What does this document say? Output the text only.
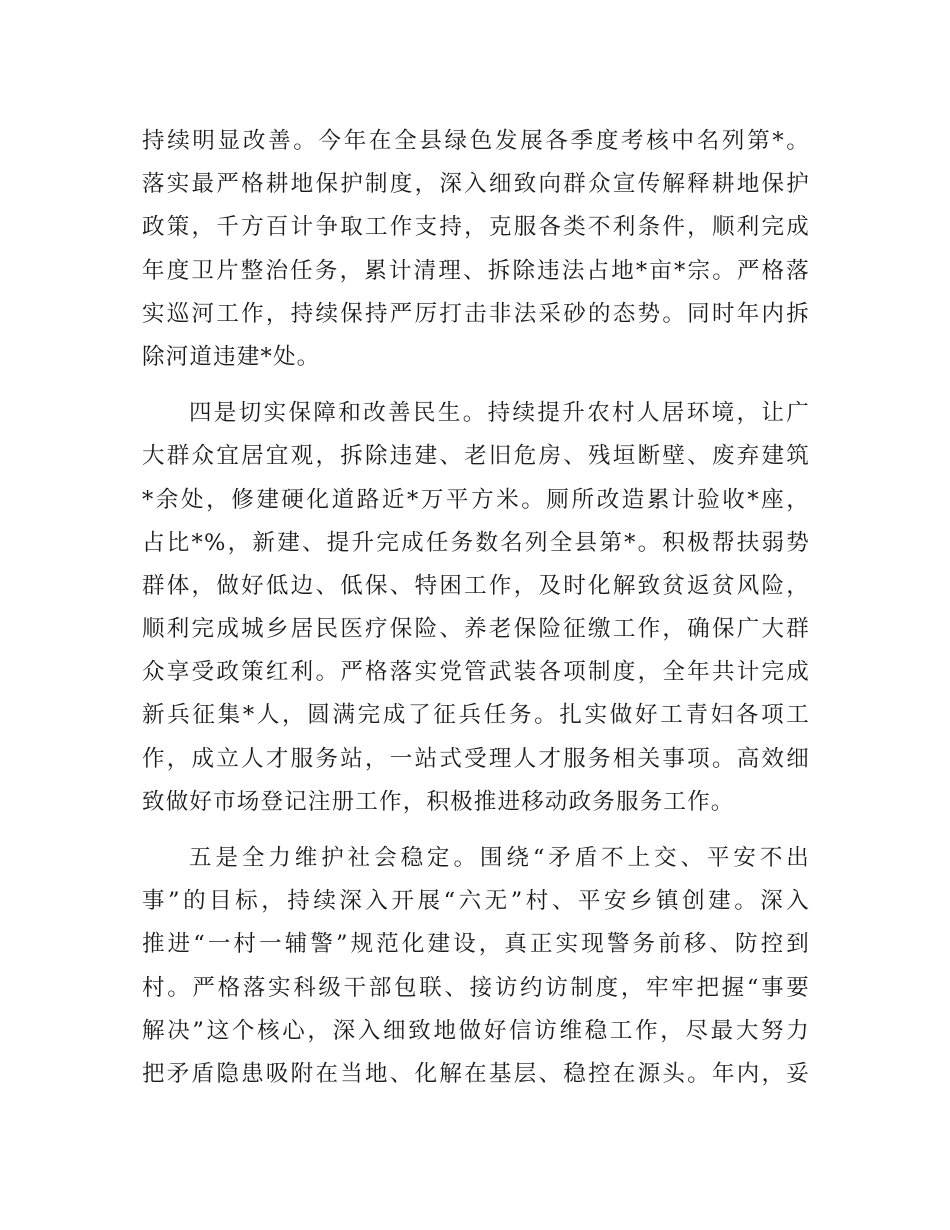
持续明显改善。今年在全县绿色发展各季度考核中名列第*。
落实最严格耕地保护制度，深入细致向群众宣传解释耕地保护
政策，千方百计争取工作支持，克服各类不利条件，顺利完成
年度卫片整治任务，累计清理、拆除违法占地*亩*宗。严格落
实巡河工作，持续保持严厉打击非法采砂的态势。同时年内拆
除河道违建*处。
四是切实保障和改善民生。持续提升农村人居环境，让广
大群众宜居宜观，拆除违建、老旧危房、残垣断壁、废弃建筑
*余处，修建硬化道路近*万平方米。厕所改造累计验收*座，
占比*%，新建、提升完成任务数名列全县第*。积极帮扶弱势
群体，做好低边、低保、特困工作，及时化解致贫返贫风险，
顺利完成城乡居民医疗保险、养老保险征缴工作，确保广大群
众享受政策红利。严格落实党管武装各项制度，全年共计完成
新兵征集*人，圆满完成了征兵任务。扎实做好工青妇各项工
作，成立人才服务站，一站式受理人才服务相关事项。高效细
致做好市场登记注册工作，积极推进移动政务服务工作。
五是全力维护社会稳定。围绕“矛盾不上交、平安不出
事”的目标，持续深入开展“六无”村、平安乡镇创建。深入
推进“一村一辅警”规范化建设，真正实现警务前移、防控到
村。严格落实科级干部包联、接访约访制度，牢牢把握“事要
解决”这个核心，深入细致地做好信访维稳工作，尽最大努力
把矛盾隐患吸附在当地、化解在基层、稳控在源头。年内，妥
